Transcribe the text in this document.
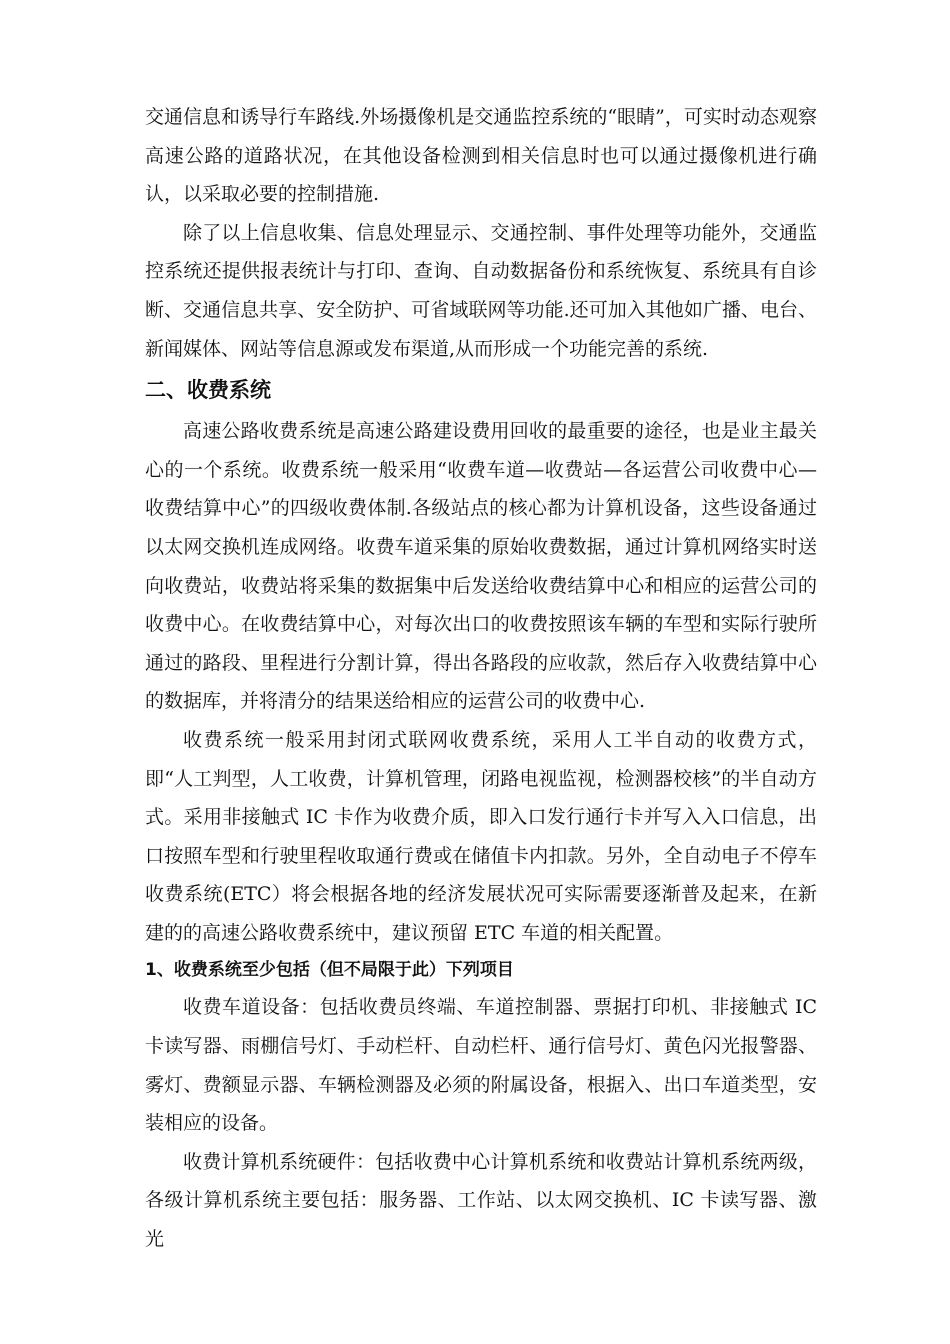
交通信息和诱导行车路线.外场摄像机是交通监控系统的“眼睛”，可实时动态观察高速公路的道路状况，在其他设备检测到相关信息时也可以通过摄像机进行确认，以采取必要的控制措施.

除了以上信息收集、信息处理显示、交通控制、事件处理等功能外，交通监控系统还提供报表统计与打印、查询、自动数据备份和系统恢复、系统具有自诊断、交通信息共享、安全防护、可省域联网等功能.还可加入其他如广播、电台、新闻媒体、网站等信息源或发布渠道,从而形成一个功能完善的系统.

二、收费系统

高速公路收费系统是高速公路建设费用回收的最重要的途径，也是业主最关心的一个系统。收费系统一般采用“收费车道—收费站—各运营公司收费中心—收费结算中心”的四级收费体制.各级站点的核心都为计算机设备，这些设备通过以太网交换机连成网络。收费车道采集的原始收费数据，通过计算机网络实时送向收费站，收费站将采集的数据集中后发送给收费结算中心和相应的运营公司的收费中心。在收费结算中心，对每次出口的收费按照该车辆的车型和实际行驶所通过的路段、里程进行分割计算，得出各路段的应收款，然后存入收费结算中心的数据库，并将清分的结果送给相应的运营公司的收费中心.

收费系统一般采用封闭式联网收费系统，采用人工半自动的收费方式，即“人工判型，人工收费，计算机管理，闭路电视监视，检测器校核”的半自动方式。采用非接触式 IC 卡作为收费介质，即入口发行通行卡并写入入口信息，出口按照车型和行驶里程收取通行费或在储值卡内扣款。另外，全自动电子不停车收费系统(ETC）将会根据各地的经济发展状况可实际需要逐渐普及起来，在新建的的高速公路收费系统中，建议预留 ETC 车道的相关配置。

1、收费系统至少包括（但不局限于此）下列项目

收费车道设备：包括收费员终端、车道控制器、票据打印机、非接触式 IC 卡读写器、雨棚信号灯、手动栏杆、自动栏杆、通行信号灯、黄色闪光报警器、雾灯、费额显示器、车辆检测器及必须的附属设备，根据入、出口车道类型，安装相应的设备。

收费计算机系统硬件：包括收费中心计算机系统和收费站计算机系统两级，各级计算机系统主要包括：服务器、工作站、以太网交换机、IC 卡读写器、激光
